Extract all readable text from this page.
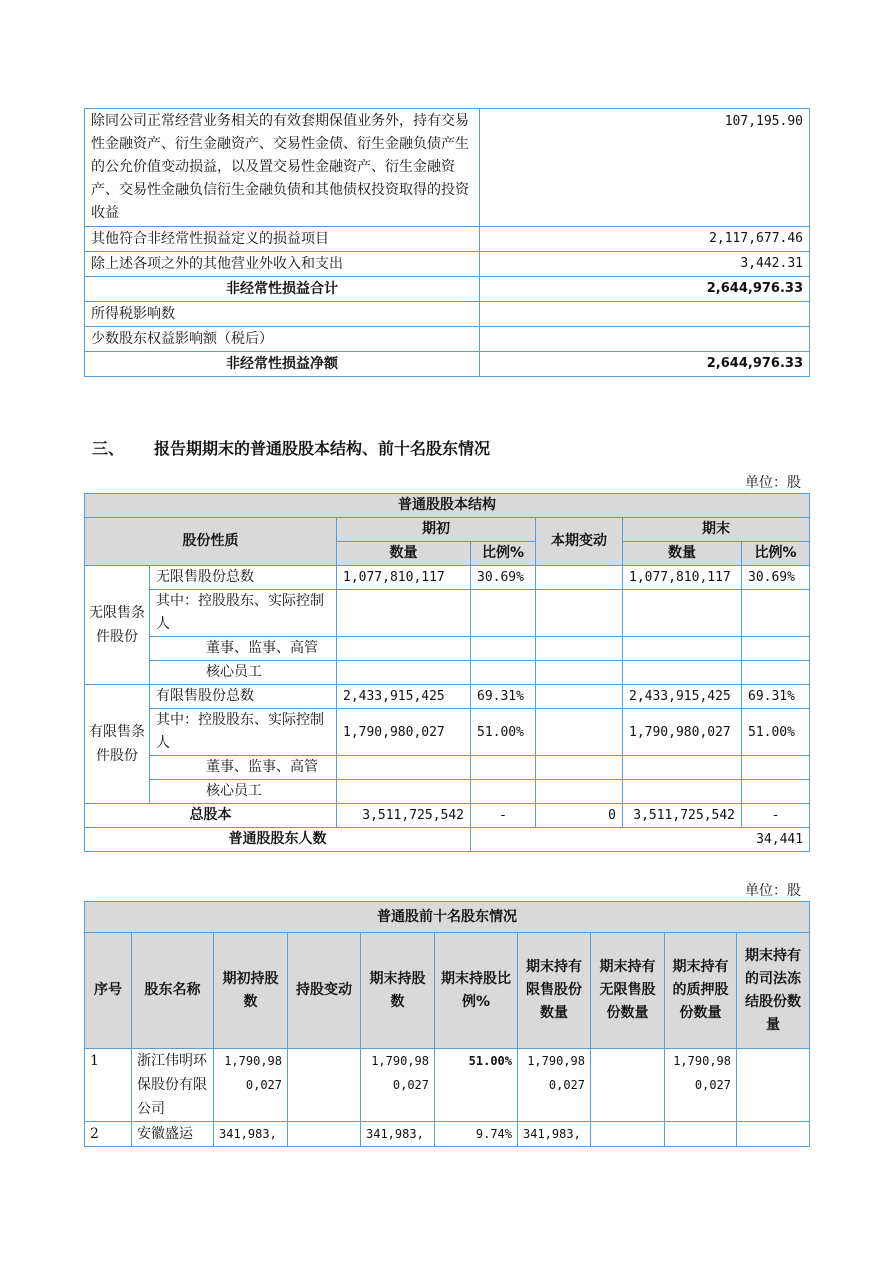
除同公司正常经营业务相关的有效套期保值业务外，持有交易性金融资产、衍生金融资产、交易性金债、衍生金融负债产生的公允价值变动损益，以及置交易性金融资产、衍生金融资产、交易性金融负信衍生金融负债和其他债权投资取得的投资收益	107,195.90
其他符合非经常性损益定义的损益项目	2,117,677.46
除上述各项之外的其他营业外收入和支出	3,442.31
非经常性损益合计	2,644,976.33
所得税影响数	
少数股东权益影响额（税后）	
非经常性损益净额	2,644,976.33
三、 报告期期末的普通股股本结构、前十名股东情况
单位：股
普通股股本结构						
股份性质		期初		本期变动	期末	
		数量	比例%		数量	比例%
无限售条件股份	无限售股份总数	1,077,810,117	30.69%		1,077,810,117	30.69%
	其中：控股股东、实际控制人					
	董事、监事、高管					
	核心员工					
有限售条件股份	有限售股份总数	2,433,915,425	69.31%		2,433,915,425	69.31%
	其中：控股股东、实际控制人	1,790,980,027	51.00%		1,790,980,027	51.00%
	董事、监事、高管					
	核心员工					
总股本		3,511,725,542	-	0	3,511,725,542	-
普通股股东人数			34,441			
单位：股
普通股前十名股东情况									
序号	股东名称	期初持股数	持股变动	期末持股数	期末持股比例%	期末持有限售股份数量	期末持有无限售股份数量	期末持有的质押股份数量	期末持有的司法冻结股份数量
1	浙江伟明环保股份有限公司	1,790,980,027		1,790,980,027	51.00%	1,790,980,027		1,790,980,027	
2	安徽盛运	341,983,		341,983,	9.74%	341,983,			
